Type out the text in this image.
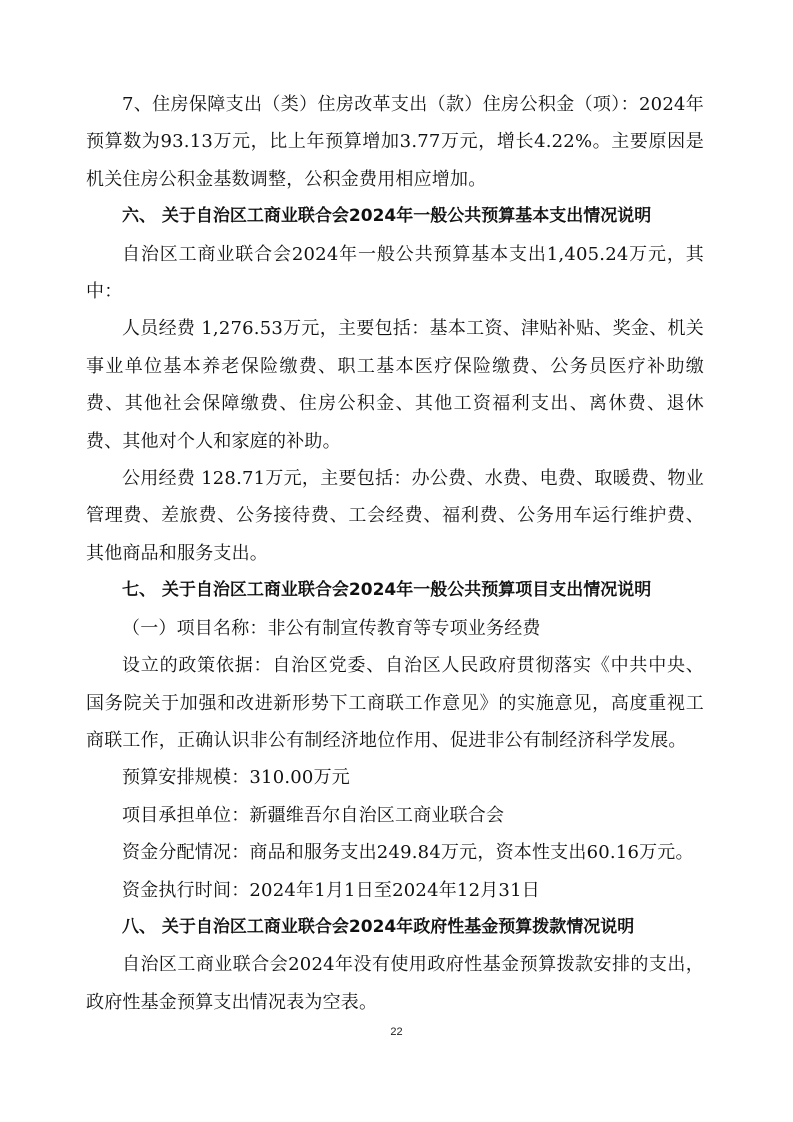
7、住房保障支出（类）住房改革支出（款）住房公积金（项）：2024年预算数为93.13万元，比上年预算增加3.77万元，增长4.22%。主要原因是机关住房公积金基数调整，公积金费用相应增加。

六、 关于自治区工商业联合会2024年一般公共预算基本支出情况说明

自治区工商业联合会2024年一般公共预算基本支出1,405.24万元，其中：

人员经费 1,276.53万元，主要包括：基本工资、津贴补贴、奖金、机关事业单位基本养老保险缴费、职工基本医疗保险缴费、公务员医疗补助缴费、其他社会保障缴费、住房公积金、其他工资福利支出、离休费、退休费、其他对个人和家庭的补助。

公用经费 128.71万元，主要包括：办公费、水费、电费、取暖费、物业管理费、差旅费、公务接待费、工会经费、福利费、公务用车运行维护费、其他商品和服务支出。

七、 关于自治区工商业联合会2024年一般公共预算项目支出情况说明

（一）项目名称：非公有制宣传教育等专项业务经费

设立的政策依据：自治区党委、自治区人民政府贯彻落实《中共中央、国务院关于加强和改进新形势下工商联工作意见》的实施意见，高度重视工商联工作，正确认识非公有制经济地位作用、促进非公有制经济科学发展。

预算安排规模：310.00万元

项目承担单位：新疆维吾尔自治区工商业联合会

资金分配情况：商品和服务支出249.84万元，资本性支出60.16万元。

资金执行时间：2024年1月1日至2024年12月31日

八、 关于自治区工商业联合会2024年政府性基金预算拨款情况说明

自治区工商业联合会2024年没有使用政府性基金预算拨款安排的支出，政府性基金预算支出情况表为空表。

22
